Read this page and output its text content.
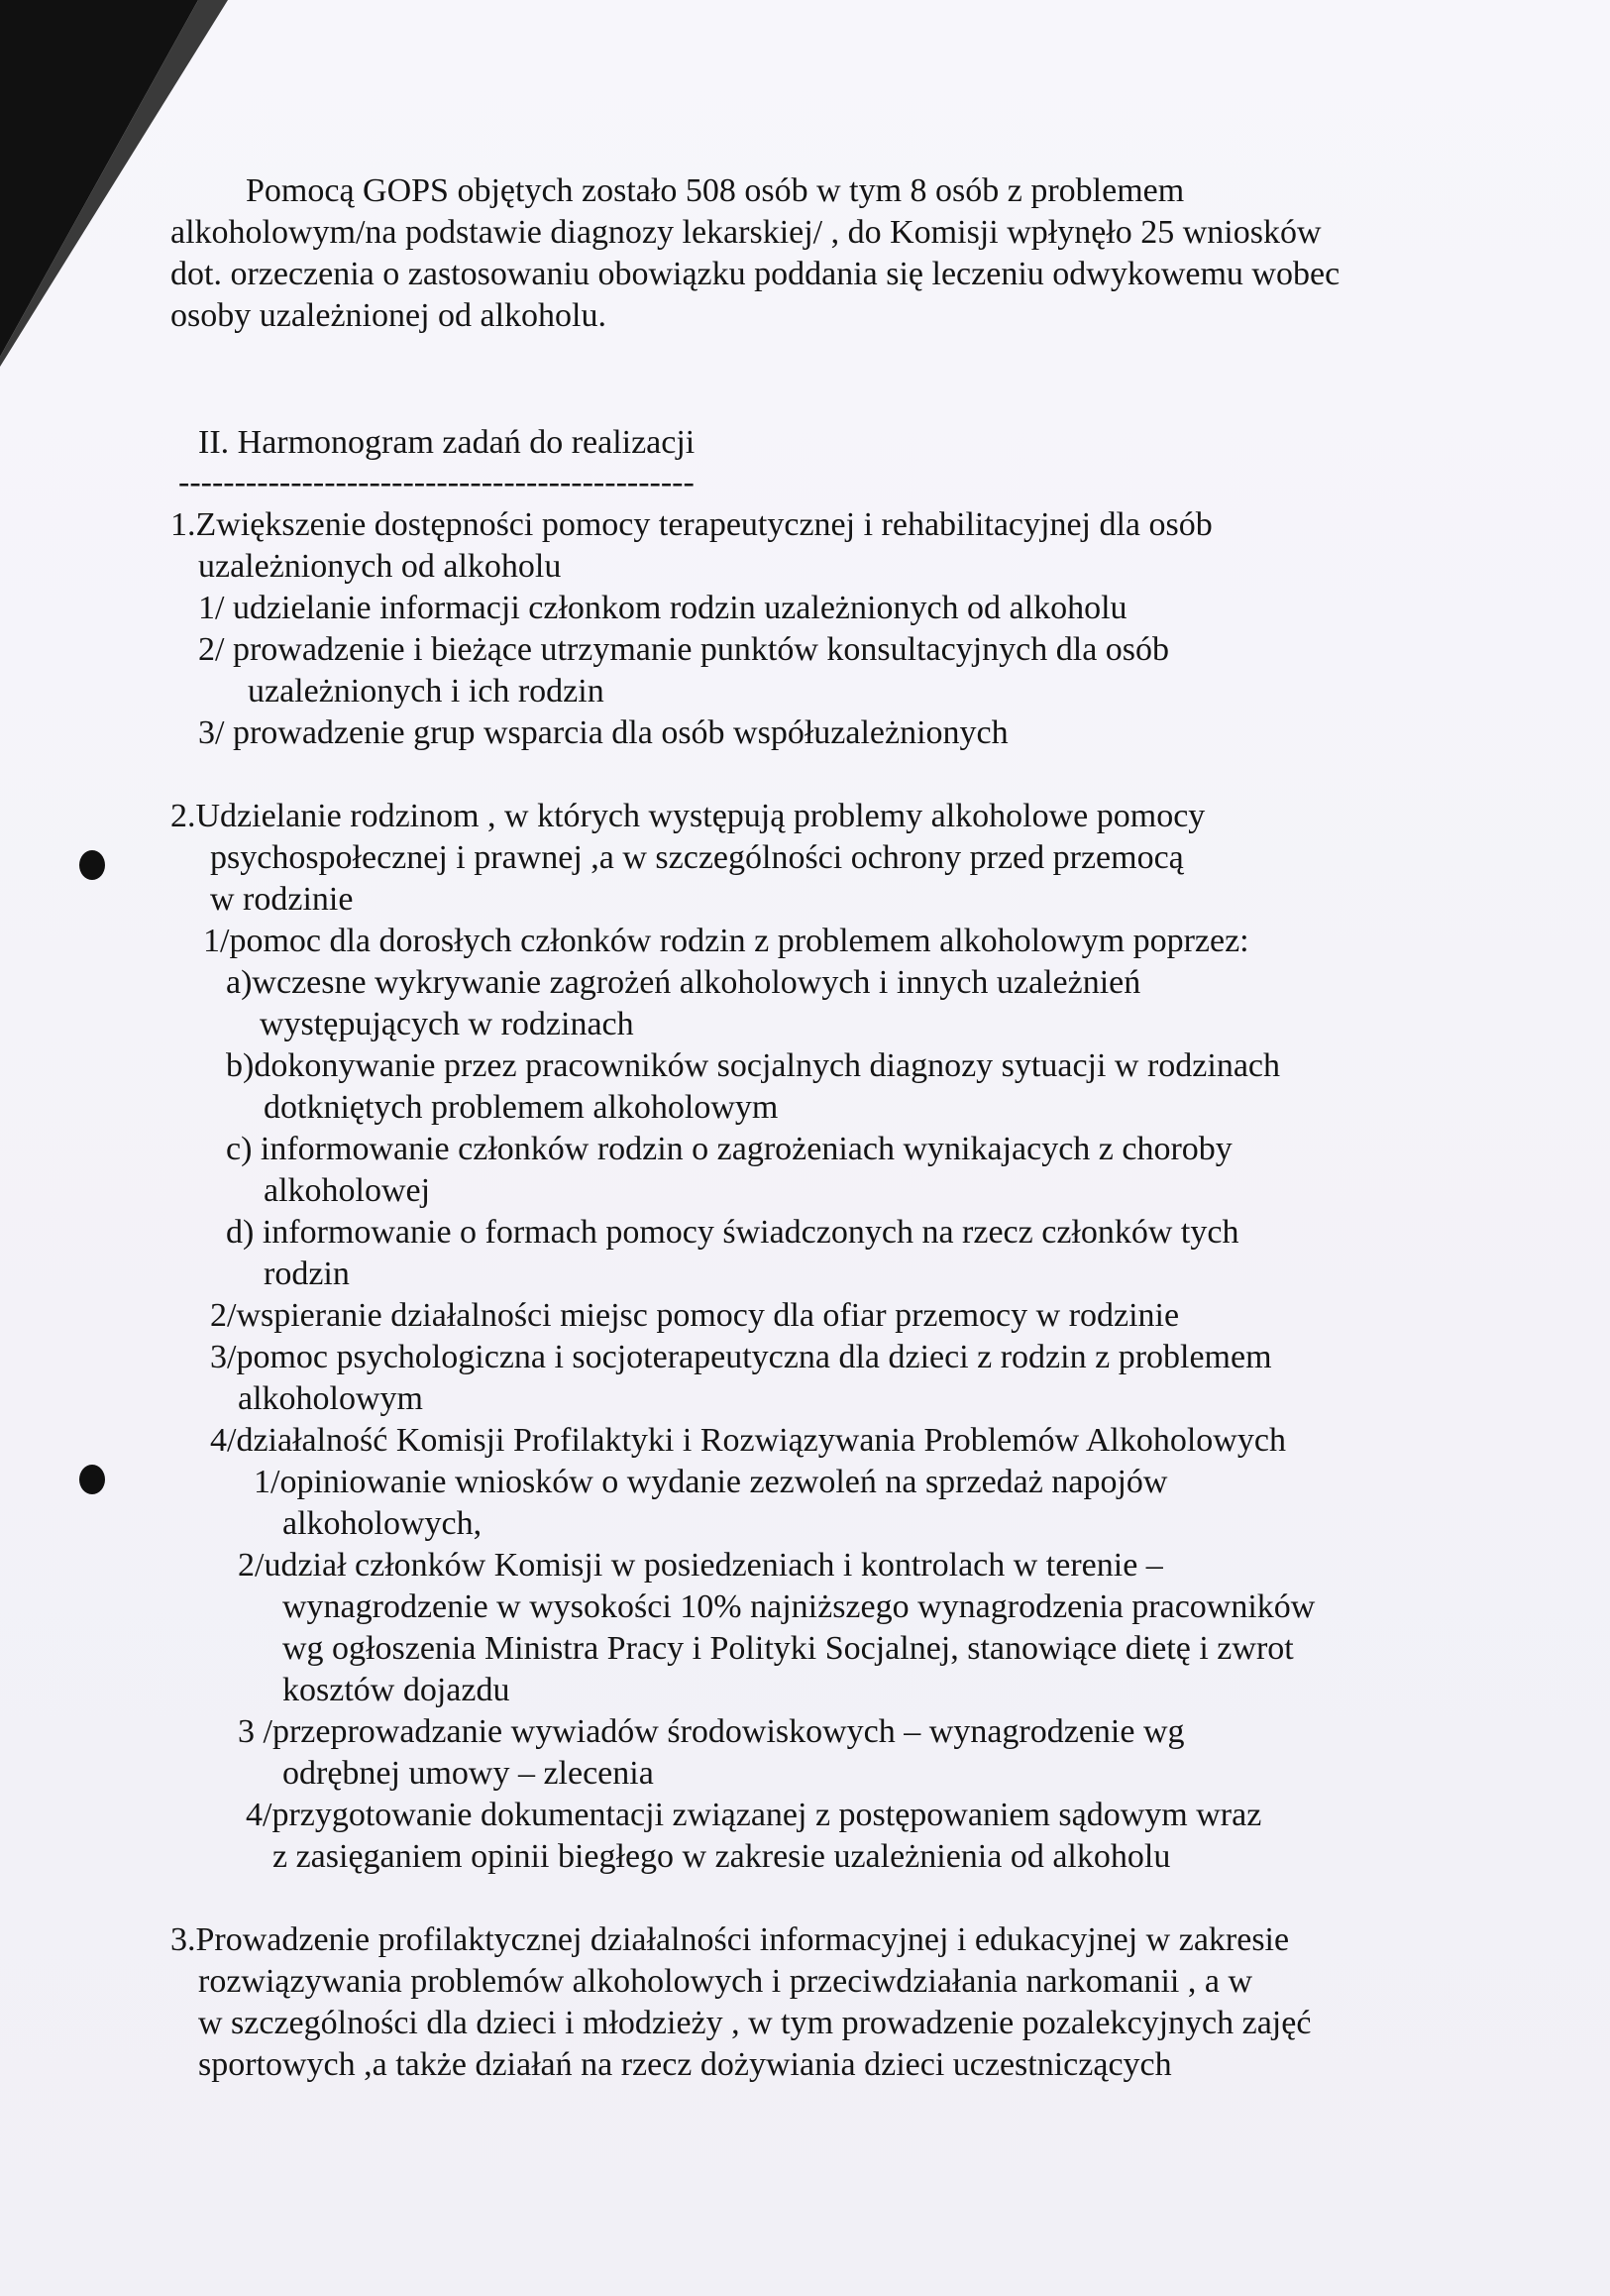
Pomocą GOPS objętych zostało 508 osób w tym 8 osób z problemem
alkoholowym/na podstawie diagnozy lekarskiej/ , do Komisji wpłynęło 25 wniosków
dot. orzeczenia o zastosowaniu obowiązku poddania się leczeniu odwykowemu wobec
osoby uzależnionej od alkoholu.
II. Harmonogram zadań do realizacji
----------------------------------------------
1.Zwiększenie dostępności pomocy terapeutycznej i rehabilitacyjnej dla osób
uzależnionych od alkoholu
1/ udzielanie informacji członkom rodzin uzależnionych od alkoholu
2/ prowadzenie i bieżące utrzymanie punktów konsultacyjnych dla osób
uzależnionych i ich rodzin
3/ prowadzenie grup wsparcia dla osób współuzależnionych
2.Udzielanie rodzinom , w których występują problemy alkoholowe pomocy
psychospołecznej i prawnej ,a w szczególności ochrony przed przemocą
w rodzinie
1/pomoc dla dorosłych członków rodzin z problemem alkoholowym poprzez:
a)wczesne wykrywanie zagrożeń alkoholowych i innych uzależnień
występujących w rodzinach
b)dokonywanie przez pracowników socjalnych diagnozy sytuacji w rodzinach
dotkniętych problemem alkoholowym
c) informowanie członków rodzin o zagrożeniach wynikajacych z choroby
alkoholowej
d) informowanie o formach pomocy świadczonych na rzecz członków tych
rodzin
2/wspieranie działalności miejsc pomocy dla ofiar przemocy w rodzinie
3/pomoc psychologiczna i socjoterapeutyczna dla dzieci z rodzin z problemem
alkoholowym
4/działalność Komisji Profilaktyki i Rozwiązywania Problemów Alkoholowych
1/opiniowanie wniosków o wydanie zezwoleń na sprzedaż napojów
alkoholowych,
2/udział członków Komisji w posiedzeniach i kontrolach w terenie –
wynagrodzenie w wysokości 10% najniższego wynagrodzenia pracowników
wg ogłoszenia Ministra Pracy i Polityki Socjalnej, stanowiące dietę i zwrot
kosztów dojazdu
3 /przeprowadzanie wywiadów środowiskowych – wynagrodzenie wg
odrębnej umowy – zlecenia
4/przygotowanie dokumentacji związanej z postępowaniem sądowym wraz
z zasięganiem opinii biegłego w zakresie uzależnienia od alkoholu
3.Prowadzenie profilaktycznej działalności informacyjnej i edukacyjnej w zakresie
rozwiązywania problemów alkoholowych i przeciwdziałania narkomanii , a w
w szczególności dla dzieci i młodzieży , w tym prowadzenie pozalekcyjnych zajęć
sportowych ,a także działań na rzecz dożywiania dzieci uczestniczących
